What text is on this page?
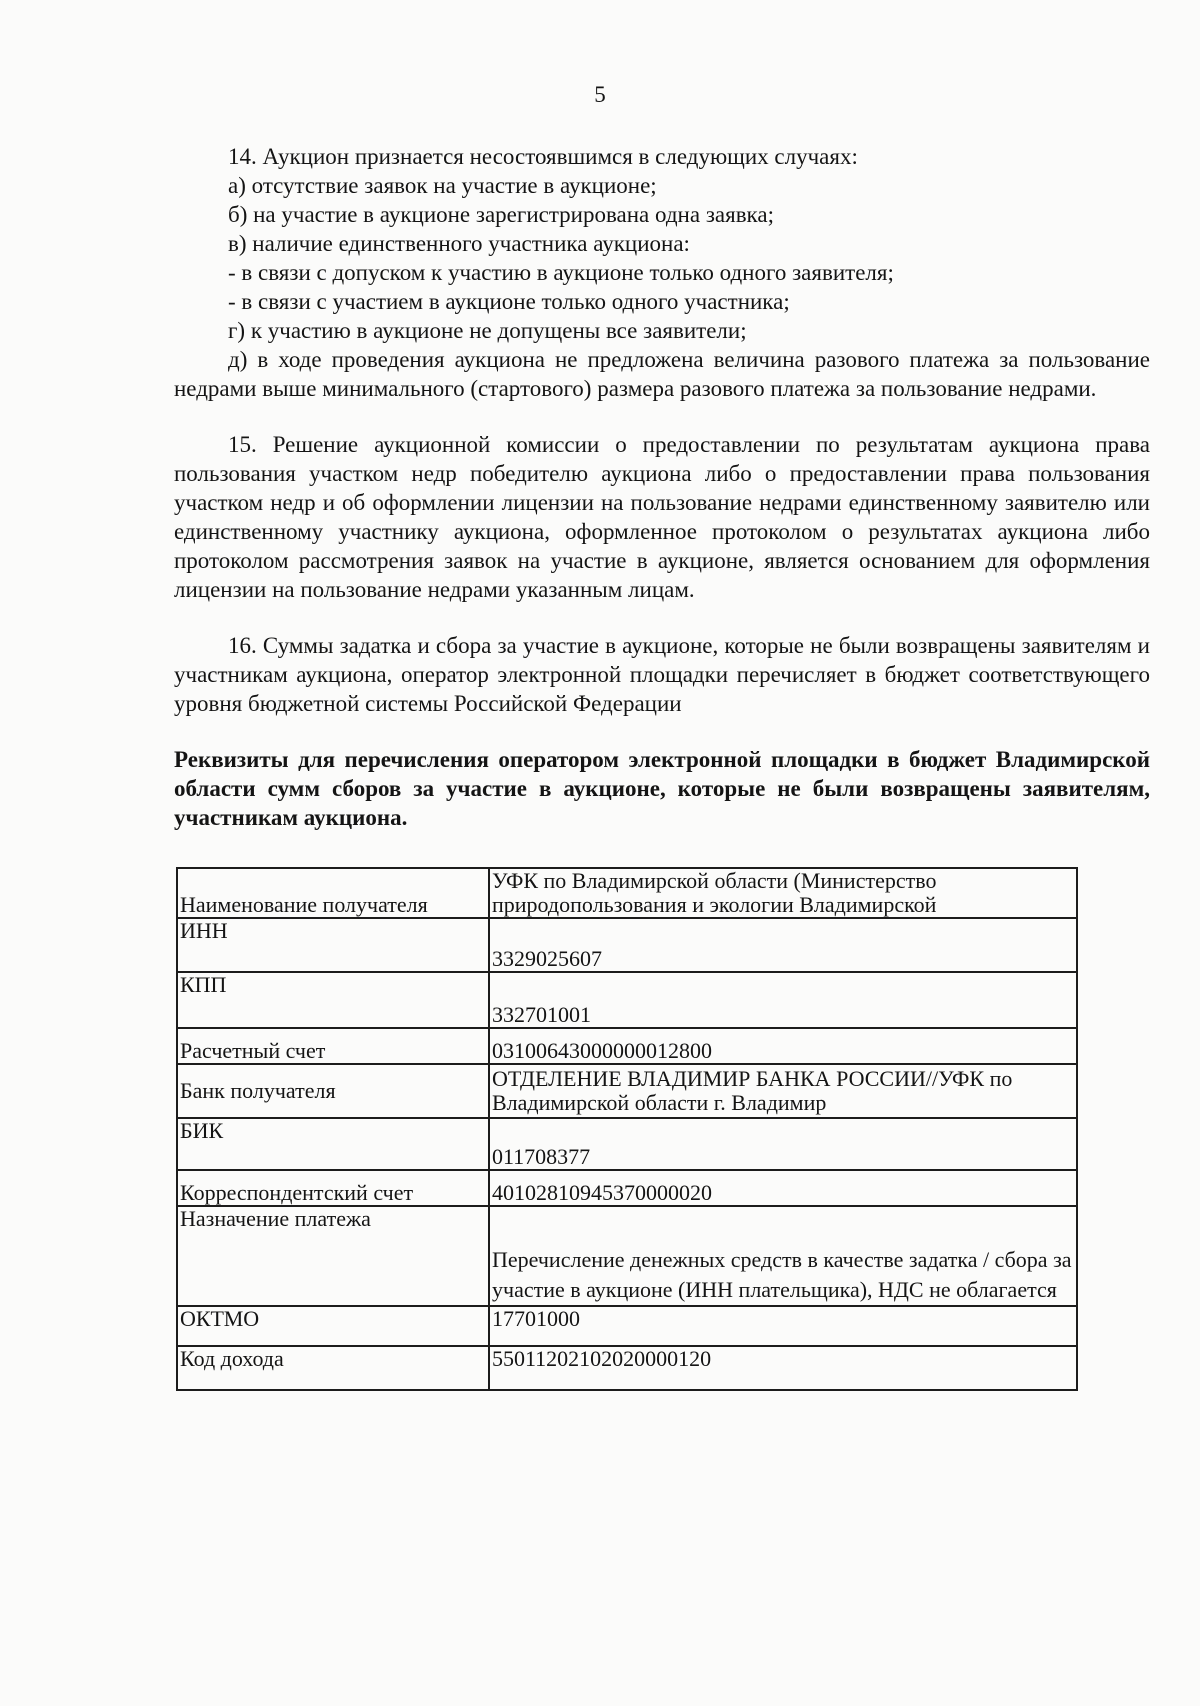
5

14. Аукцион признается несостоявшимся в следующих случаях:

а) отсутствие заявок на участие в аукционе;

б) на участие в аукционе зарегистрирована одна заявка;

в) наличие единственного участника аукциона:

- в связи с допуском к участию в аукционе только одного заявителя;

- в связи с участием в аукционе только одного участника;

г) к участию в аукционе не допущены все заявители;

д) в ходе проведения аукциона не предложена величина разового платежа за пользование недрами выше минимального (стартового) размера разового платежа за пользование недрами.

15. Решение аукционной комиссии о предоставлении по результатам аукциона права пользования участком недр победителю аукциона либо о предоставлении права пользования участком недр и об оформлении лицензии на пользование недрами единственному заявителю или единственному участнику аукциона, оформленное протоколом о результатах аукциона либо протоколом рассмотрения заявок на участие в аукционе, является основанием для оформления лицензии на пользование недрами указанным лицам.

16. Суммы задатка и сбора за участие в аукционе, которые не были возвращены заявителям и участникам аукциона, оператор электронной площадки перечисляет в бюджет соответствующего уровня бюджетной системы Российской Федерации

Реквизиты для перечисления оператором электронной площадки в бюджет Владимирской области сумм сборов за участие в аукционе, которые не были возвращены заявителям, участникам аукциона.

Наименование получателя	УФК по Владимирской области (Министерство природопользования и экологии Владимирской
ИНН	3329025607
КПП	332701001
Расчетный счет	03100643000000012800
Банк получателя	ОТДЕЛЕНИЕ ВЛАДИМИР БАНКА РОССИИ//УФК по Владимирской области г. Владимир
БИК	011708377
Корреспондентский счет	40102810945370000020
Назначение платежа	Перечисление денежных средств в качестве задатка / сбора за участие в аукционе (ИНН плательщика), НДС не облагается
ОКТМО	17701000
Код дохода	55011202102020000120
